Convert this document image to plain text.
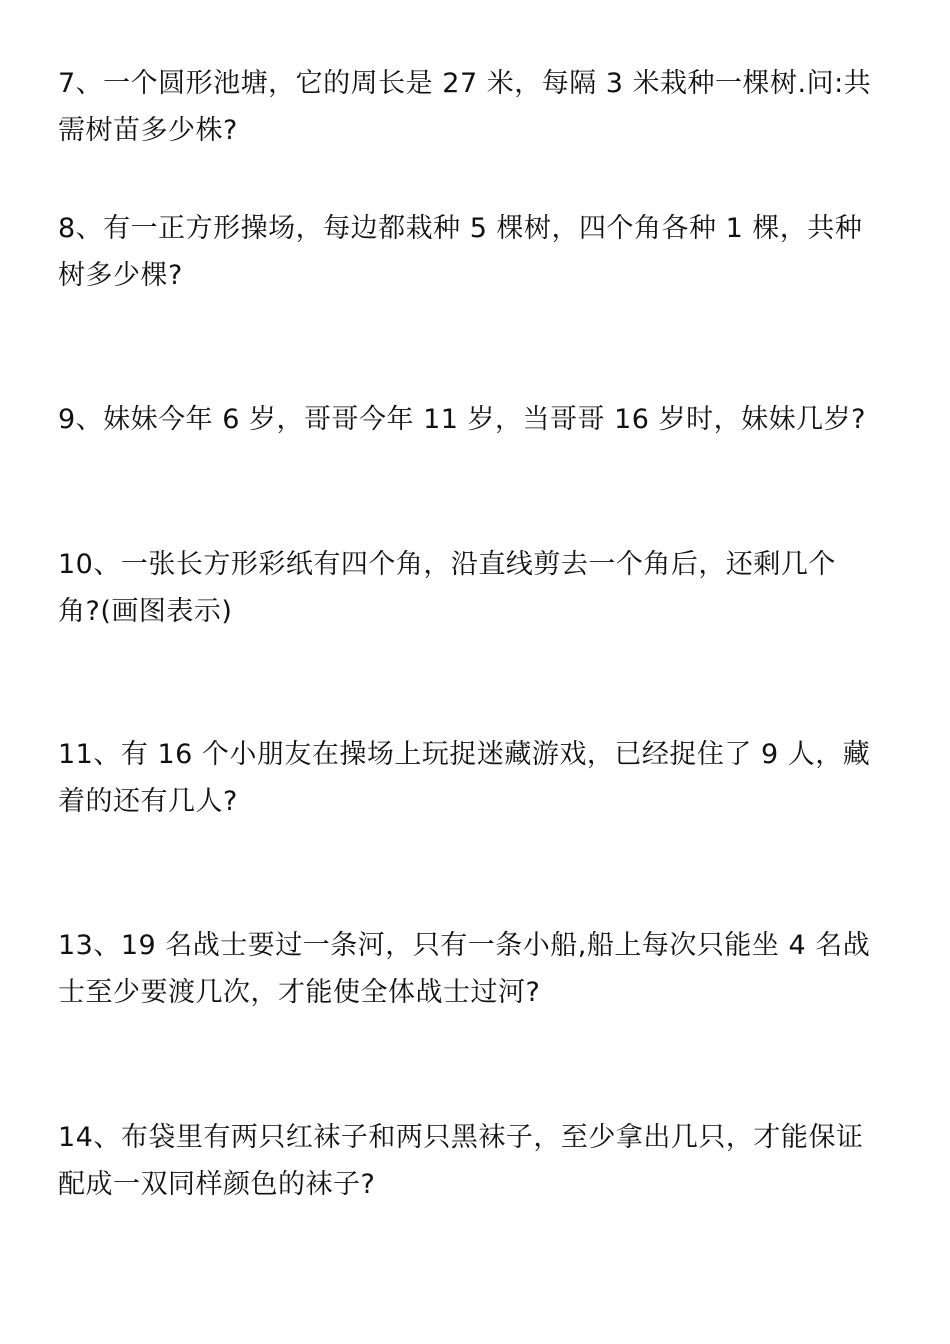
7、一个圆形池塘，它的周长是 27 米，每隔 3 米栽种一棵树.问:共
需树苗多少株?
8、有一正方形操场，每边都栽种 5 棵树，四个角各种 1 棵，共种
树多少棵?
9、妹妹今年 6 岁，哥哥今年 11 岁，当哥哥 16 岁时，妹妹几岁?
10、一张长方形彩纸有四个角，沿直线剪去一个角后，还剩几个
角?(画图表示)
11、有 16 个小朋友在操场上玩捉迷藏游戏，已经捉住了 9 人，藏
着的还有几人?
13、19 名战士要过一条河，只有一条小船,船上每次只能坐 4 名战
士至少要渡几次，才能使全体战士过河?
14、布袋里有两只红袜子和两只黑袜子，至少拿出几只，才能保证
配成一双同样颜色的袜子?
